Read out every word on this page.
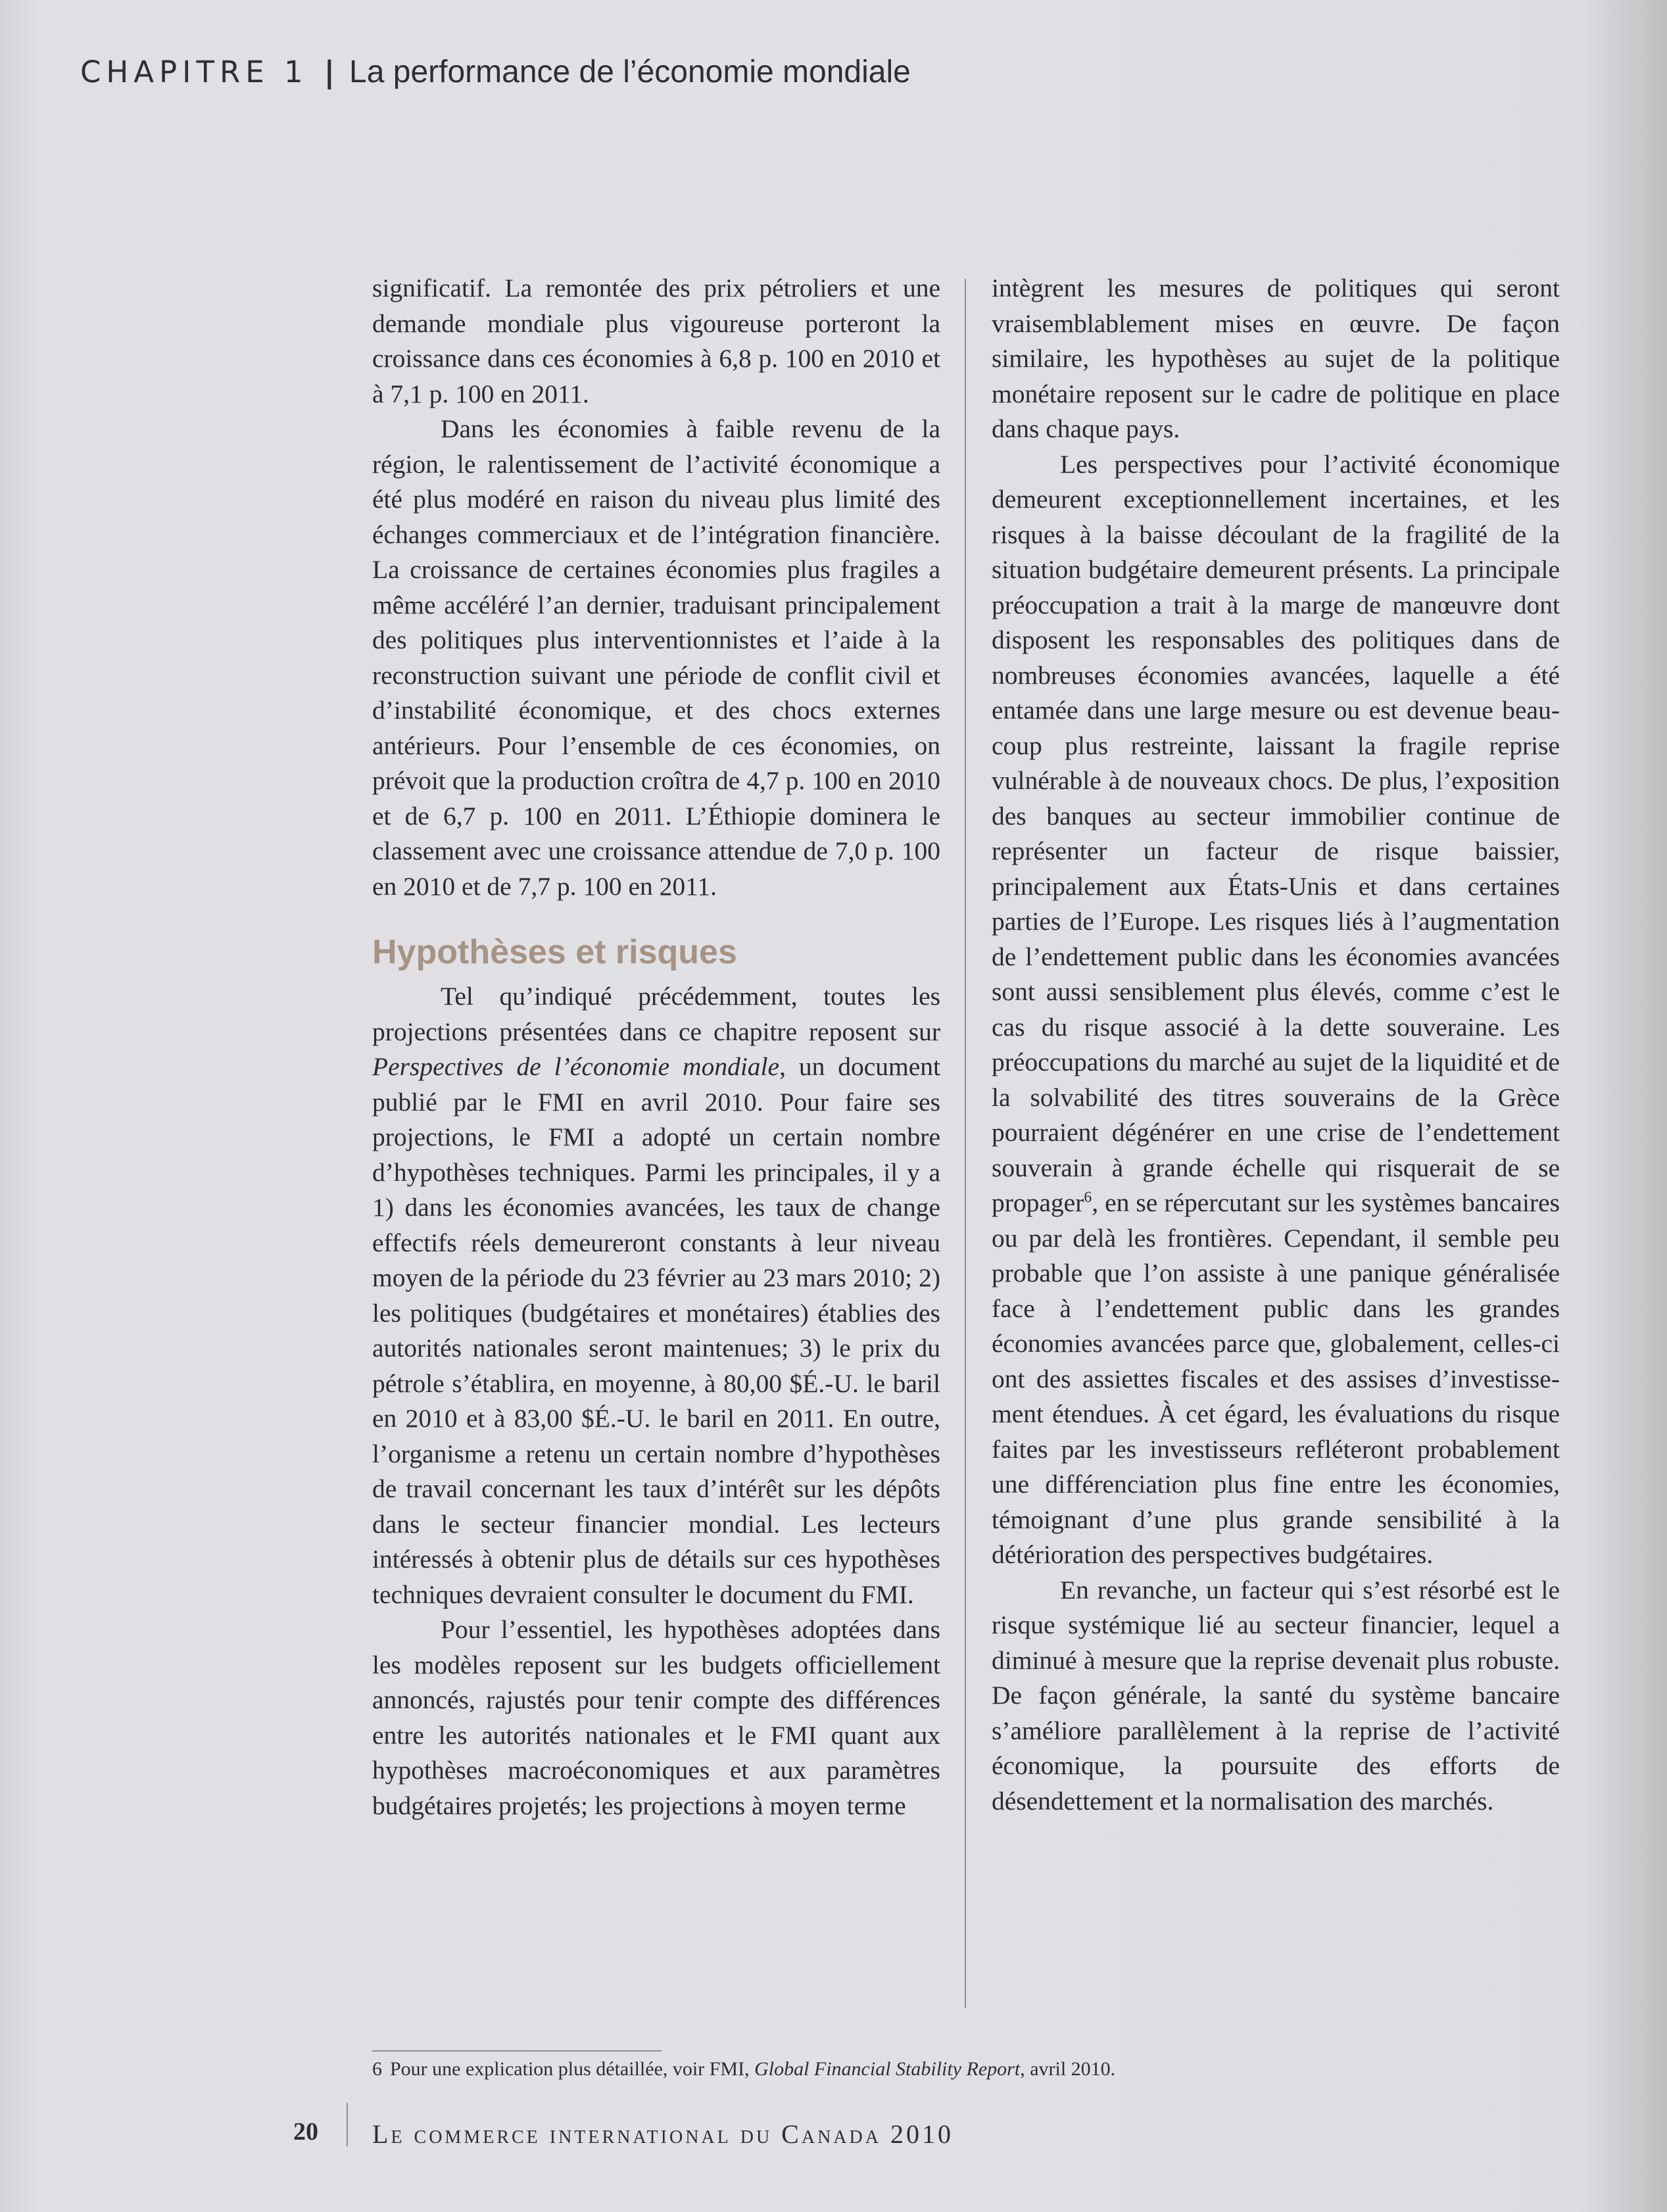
CHAPITRE 1 | La performance de l’économie mondiale

significatif. La remontée des prix pétroliers et une demande mondiale plus vigoureuse porteront la croissance dans ces économies à 6,8 p. 100 en 2010 et à 7,1 p. 100 en 2011.

Dans les économies à faible revenu de la région, le ralentissement de l’activité économique a été plus modéré en raison du niveau plus limité des échanges commerciaux et de l’intégration financière. La croissance de certaines économies plus fragiles a même accéléré l’an dernier, traduisant principalement des politiques plus interventionnistes et l’aide à la reconstruction suivant une période de conflit civil et d’instabilité économique, et des chocs externes antérieurs. Pour l’ensemble de ces économies, on prévoit que la production croîtra de 4,7 p. 100 en 2010 et de 6,7 p. 100 en 2011. L’Éthiopie dominera le classement avec une croissance attendue de 7,0 p. 100 en 2010 et de 7,7 p. 100 en 2011.

Hypothèses et risques

Tel qu’indiqué précédemment, toutes les projections présentées dans ce chapitre reposent sur Perspectives de l’économie mondiale, un document publié par le FMI en avril 2010. Pour faire ses projections, le FMI a adopté un certain nombre d’hypothèses techniques. Parmi les principales, il y a 1) dans les économies avancées, les taux de change effectifs réels demeureront constants à leur niveau moyen de la période du 23 février au 23 mars 2010; 2) les politiques (budgétaires et monétaires) établies des autorités nationales seront maintenues; 3) le prix du pétrole s’établira, en moyenne, à 80,00 $É.-U. le baril en 2010 et à 83,00 $É.-U. le baril en 2011. En outre, l’organisme a retenu un certain nombre d’hypothèses de travail concernant les taux d’intérêt sur les dépôts dans le secteur financier mondial. Les lecteurs intéressés à obtenir plus de détails sur ces hypothèses techniques devraient consulter le document du FMI.

Pour l’essentiel, les hypothèses adoptées dans les modèles reposent sur les budgets officiellement annoncés, rajustés pour tenir compte des différences entre les autorités nationales et le FMI quant aux hypothèses macroéconomiques et aux paramètres budgétaires projetés; les projections à moyen terme

intègrent les mesures de politiques qui seront vraisemblablement mises en œuvre. De façon similaire, les hypothèses au sujet de la politique monétaire reposent sur le cadre de politique en place dans chaque pays.

Les perspectives pour l’activité économique demeurent exceptionnellement incertaines, et les risques à la baisse découlant de la fragilité de la situation budgétaire demeurent présents. La principale préoccupation a trait à la marge de manœuvre dont disposent les responsables des politiques dans de nombreuses économies avancées, laquelle a été entamée dans une large mesure ou est devenue beaucoup plus restreinte, laissant la fragile reprise vulnérable à de nouveaux chocs. De plus, l’exposition des banques au secteur immobilier continue de représenter un facteur de risque baissier, principalement aux États-Unis et dans certaines parties de l’Europe. Les risques liés à l’augmentation de l’endettement public dans les économies avancées sont aussi sensiblement plus élevés, comme c’est le cas du risque associé à la dette souveraine. Les préoccupations du marché au sujet de la liquidité et de la solvabilité des titres souverains de la Grèce pourraient dégénérer en une crise de l’endettement souverain à grande échelle qui risquerait de se propager$^6$, en se répercutant sur les systèmes bancaires ou par delà les frontières. Cependant, il semble peu probable que l’on assiste à une panique généralisée face à l’endettement public dans les grandes économies avancées parce que, globalement, celles-ci ont des assiettes fiscales et des assises d’investissement étendues. À cet égard, les évaluations du risque faites par les investisseurs refléteront probablement une différenciation plus fine entre les économies, témoignant d’une plus grande sensibilité à la détérioration des perspectives budgétaires.

En revanche, un facteur qui s’est résorbé est le risque systémique lié au secteur financier, lequel a diminué à mesure que la reprise devenait plus robuste. De façon générale, la santé du système bancaire s’améliore parallèlement à la reprise de l’activité économique, la poursuite des efforts de désendettement et la normalisation des marchés.

6 Pour une explication plus détaillée, voir FMI, Global Financial Stability Report, avril 2010.
20 Le commerce international du Canada 2010
